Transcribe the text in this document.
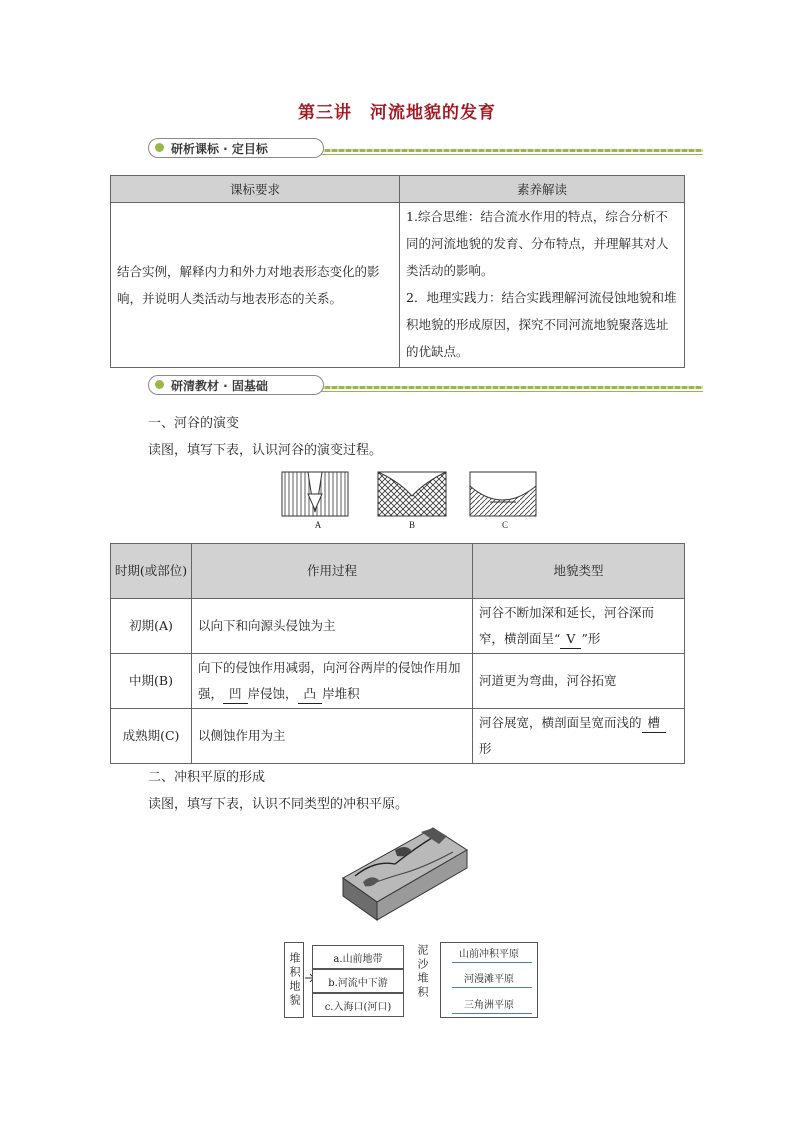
第三讲　河流地貌的发育
研析课标 · 定目标
课标要求	素养解读
结合实例，解释内力和外力对地表形态变化的影响，并说明人类活动与地表形态的关系。	1.综合思维：结合流水作用的特点，综合分析不同的河流地貌的发育、分布特点，并理解其对人类活动的影响。
2．地理实践力：结合实践理解河流侵蚀地貌和堆积地貌的形成原因，探究不同河流地貌聚落选址的优缺点。
研清教材 · 固基础
一、河谷的演变
读图，填写下表，认识河谷的演变过程。
A	B	C
时期(或部位)	作用过程	地貌类型
初期(A)	以向下和向源头侵蚀为主	河谷不断加深和延长，河谷深而窄，横剖面呈“ V ”形
中期(B)	向下的侵蚀作用减弱，向河谷两岸的侵蚀作用加强， 凹 岸侵蚀， 凸 岸堆积	河道更为弯曲，河谷拓宽
成熟期(C)	以侧蚀作用为主	河谷展宽，横剖面呈宽而浅的 槽形
二、冲积平原的形成
读图，填写下表，认识不同类型的冲积平原。
堆积地貌	a.山前地带
b.河流中下游
c.入海口(河口)
泥沙堆积	山前冲积平原
河漫滩平原
三角洲平原
